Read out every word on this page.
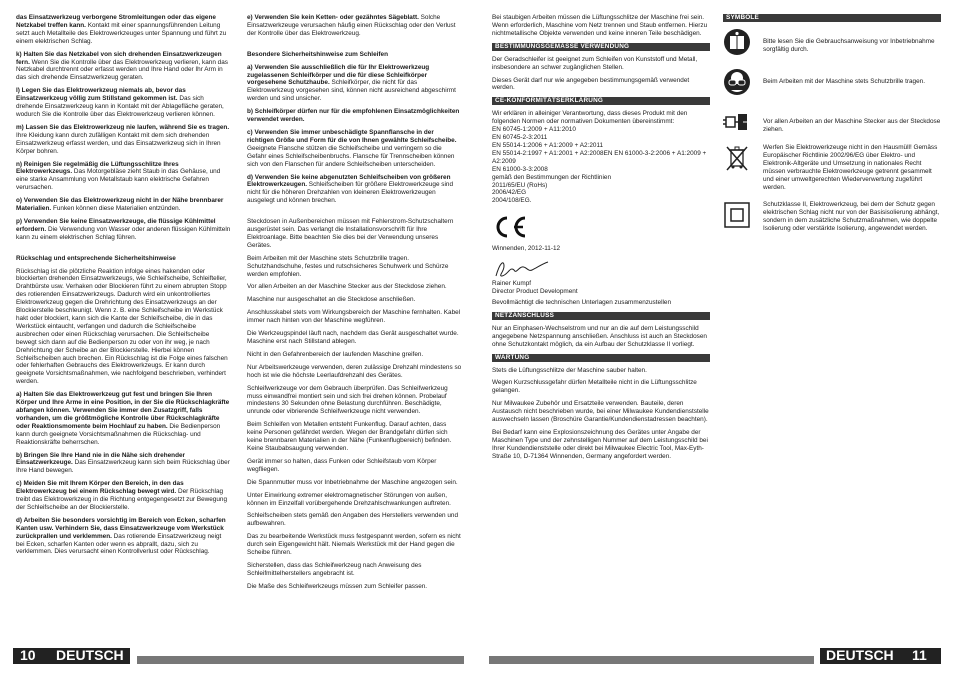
das Einsatzwerkzeug verborgene Stromleitungen oder das eigene Netzkabel treffen kann. Kontakt mit einer spannungsführenden Leitung setzt auch Metallteile des Elektrowerkzeuges unter Spannung und führt zu einem elektrischen Schlag.

k) Halten Sie das Netzkabel von sich drehenden Einsatzwerkzeugen fern. Wenn Sie die Kontrolle über das Elektrowerkzeug verlieren, kann das Netzkabel durchtrennt oder erfasst werden und Ihre Hand oder Ihr Arm in das sich drehende Einsatzwerkzeug geraten.

l) Legen Sie das Elektrowerkzeug niemals ab, bevor das Einsatzwerkzeug völlig zum Stillstand gekommen ist. Das sich drehende Einsatzwerkzeug kann in Kontakt mit der Ablagefläche geraten, wodurch Sie die Kontrolle über das Elektrowerkzeug verlieren können.

m) Lassen Sie das Elektrowerkzeug nie laufen, während Sie es tragen. Ihre Kleidung kann durch zufälligen Kontakt mit dem sich drehenden Einsatzwerkzeug erfasst werden, und das Einsatzwerkzeug sich in Ihren Körper bohren.

n) Reinigen Sie regelmäßig die Lüftungsschlitze Ihres Elektrowerkzeugs. Das Motorgebläse zieht Staub in das Gehäuse, und eine starke Ansammlung von Metallstaub kann elektrische Gefahren verursachen.

o) Verwenden Sie das Elektrowerkzeug nicht in der Nähe brennbarer Materialien. Funken können diese Materialien entzünden.

p) Verwenden Sie keine Einsatzwerkzeuge, die flüssige Kühlmittel erfordern. Die Verwendung von Wasser oder anderen flüssigen Kühlmitteln kann zu einem elektrischen Schlag führen.

Rückschlag und entsprechende Sicherheitshinweise

Rückschlag ist die plötzliche Reaktion infolge eines hakenden oder blockierten drehenden Einsatzwerkzeugs, wie Schleifscheibe, Schleifteller, Drahtbürste usw. Verhaken oder Blockieren führt zu einem abrupten Stopp des rotierenden Einsatzwerkzeugs. Dadurch wird ein unkontrolliertes Elektrowerkzeug gegen die Drehrichtung des Einsatzwerkzeugs an der Blockierstelle beschleunigt. Wenn z. B. eine Schleifscheibe im Werkstück hakt oder blockiert, kann sich die Kante der Schleifscheibe, die in das Werkstück eintaucht, verfangen und dadurch die Schleifscheibe ausbrechen oder einen Rückschlag verursachen. Die Schleifscheibe bewegt sich dann auf die Bedienperson zu oder von ihr weg, je nach Drehrichtung der Scheibe an der Blockierstelle. Hierbei können Schleifscheiben auch brechen. Ein Rückschlag ist die Folge eines falschen oder fehlerhaften Gebrauchs des Elektrowerkzeugs. Er kann durch geeignete Vorsichtsmaßnahmen, wie nachfolgend beschrieben, verhindert werden.

a) Halten Sie das Elektrowerkzeug gut fest und bringen Sie Ihren Körper und Ihre Arme in eine Position, in der Sie die Rückschlagkräfte abfangen können. Verwenden Sie immer den Zusatzgriff, falls vorhanden, um die größtmögliche Kontrolle über Rückschlagkräfte oder Reaktionsmomente beim Hochlauf zu haben. Die Bedienperson kann durch geeignete Vorsichtsmaßnahmen die Rückschlag- und Reaktionskräfte beherrschen.

b) Bringen Sie Ihre Hand nie in die Nähe sich drehender Einsatzwerkzeuge. Das Einsatzwerkzeug kann sich beim Rückschlag über Ihre Hand bewegen.

c) Meiden Sie mit Ihrem Körper den Bereich, in den das Elektrowerkzeug bei einem Rückschlag bewegt wird. Der Rückschlag treibt das Elektrowerkzeug in die Richtung entgegengesetzt zur Bewegung der Schleifscheibe an der Blockierstelle.

d) Arbeiten Sie besonders vorsichtig im Bereich von Ecken, scharfen Kanten usw. Verhindern Sie, dass Einsatzwerkzeuge vom Werkstück zurückprallen und verklemmen. Das rotierende Einsatzwerkzeug neigt bei Ecken, scharfen Kanten oder wenn es abprallt, dazu, sich zu verklemmen. Dies verursacht einen Kontrollverlust oder Rückschlag.

e) Verwenden Sie kein Ketten- oder gezähntes Sägeblatt. Solche Einsatzwerkzeuge verursachen häufig einen Rückschlag oder den Verlust der Kontrolle über das Elektrowerkzeug.

Besondere Sicherheitshinweise zum Schleifen

a) Verwenden Sie ausschließlich die für Ihr Elektrowerkzeug zugelassenen Schleifkörper und die für diese Schleifkörper vorgesehene Schutzhaube. Schleifkörper, die nicht für das Elektrowerkzeug vorgesehen sind, können nicht ausreichend abgeschirmt werden und sind unsicher.

b) Schleifkörper dürfen nur für die empfohlenen Einsatzmöglichkeiten verwendet werden.

c) Verwenden Sie immer unbeschädigte Spannflansche in der richtigen Größe und Form für die von Ihnen gewählte Schleifscheibe. Geeignete Flansche stützen die Schleifscheibe und verringern so die Gefahr eines Schleifscheibenbruchs. Flansche für Trennscheiben können sich von den Flanschen für andere Schleifscheiben unterscheiden.

d) Verwenden Sie keine abgenutzten Schleifscheiben von größeren Elektrowerkzeugen. Schleifscheiben für größere Elektrowerkzeuge sind nicht für die höheren Drehzahlen von kleineren Elektrowerkzeugen ausgelegt und können brechen.

Steckdosen in Außenbereichen müssen mit Fehlerstrom-Schutzschaltern ausgerüstet sein. Das verlangt die Installationsvorschrift für Ihre Elektroanlage. Bitte beachten Sie dies bei der Verwendung unseres Gerätes.

Beim Arbeiten mit der Maschine stets Schutzbrille tragen. Schutzhandschuhe, festes und rutschsicheres Schuhwerk und Schürze werden empfohlen.

Vor allen Arbeiten an der Maschine Stecker aus der Steckdose ziehen.

Maschine nur ausgeschaltet an die Steckdose anschließen.

Anschlusskabel stets vom Wirkungsbereich der Maschine fernhalten. Kabel immer nach hinten von der Maschine wegführen.

Die Werkzeugspindel läuft nach, nachdem das Gerät ausgeschaltet wurde. Maschine erst nach Stillstand ablegen.

Nicht in den Gefahrenbereich der laufenden Maschine greifen.

Nur Arbeitswerkzeuge verwenden, deren zulässige Drehzahl mindestens so hoch ist wie die höchste Leerlaufdrehzahl des Gerätes.

Schleifwerkzeuge vor dem Gebrauch überprüfen. Das Schleifwerkzeug muss einwandfrei montiert sein und sich frei drehen können. Probelauf mindestens 30 Sekunden ohne Belastung durchführen. Beschädigte, unrunde oder vibrierende Schleifwerkzeuge nicht verwenden.

Beim Schleifen von Metallen entsteht Funkenflug. Darauf achten, dass keine Personen gefährdet werden. Wegen der Brandgefahr dürfen sich keine brennbaren Materialien in der Nähe (Funkenflugbereich) befinden. Keine Staubabsaugung verwenden.

Gerät immer so halten, dass Funken oder Schleifstaub vom Körper wegfliegen.

Die Spannmutter muss vor Inbetriebnahme der Maschine angezogen sein.

Unter Einwirkung extremer elektromagnetischer Störungen von außen, können im Einzelfall vorübergehende Drehzahlschwankungen auftreten.

Schleifscheiben stets gemäß den Angaben des Herstellers verwenden und aufbewahren.

Das zu bearbeitende Werkstück muss festgespannt werden, sofern es nicht durch sein Eigengewicht hält. Niemals Werkstück mit der Hand gegen die Scheibe führen.

Sicherstellen, dass das Schleifwerkzeug nach Anweisung des Schleifmittelherstellers angebracht ist.

Die Maße des Schleifwerkzeugs müssen zum Schleifer passen.

Bei staubigen Arbeiten müssen die Lüftungsschlitze der Maschine frei sein. Wenn erforderlich, Maschine vom Netz trennen und Staub entfernen. Hierzu nichtmetallische Objekte verwenden und keine inneren Teile beschädigen.

BESTIMMUNGSGEMÄSSE VERWENDUNG

Der Geradschleifer ist geeignet zum Schleifen von Kunststoff und Metall, insbesondere an schwer zugänglichen Stellen.

Dieses Gerät darf nur wie angegeben bestimmungsgemäß verwendet werden.

CE-KONFORMITÄTSERKLÄRUNG
Wir erklären in alleiniger Verantwortung, dass dieses Produkt mit den folgenden Normen oder normativen Dokumenten übereinstimmt:
EN 60745-1:2009 + A11:2010
EN 60745-2-3:2011
EN 55014-1:2006 + A1:2009 + A2:2011
EN 55014-2:1997 + A1:2001 + A2:2008EN EN 61000-3-2:2006 + A1:2009 + A2:2009
EN 61000-3-3:2008
gemäß den Bestimmungen der Richtlinien
2011/65/EU (RoHs)
2006/42/EG
2004/108/EG.

Winnenden, 2012-11-12

Rainer Kumpf
Director Product Development

Bevollmächtigt die technischen Unterlagen zusammenzustellen

NETZANSCHLUSS

Nur an Einphasen-Wechselstrom und nur an die auf dem Leistungsschild angegebene Netzspannung anschließen. Anschluss ist auch an Steckdosen ohne Schutzkontakt möglich, da ein Aufbau der Schutzklasse II vorliegt.

WARTUNG

Stets die Lüftungsschlitze der Maschine sauber halten.

Wegen Kurzschlussgefahr dürfen Metallteile nicht in die Lüftungsschlitze gelangen.

Nur Milwaukee Zubehör und Ersatzteile verwenden. Bauteile, deren Austausch nicht beschrieben wurde, bei einer Milwaukee Kundendienststelle auswechseln lassen (Broschüre Garantie/Kundendienstadressen beachten).

Bei Bedarf kann eine Explosionszeichnung des Gerätes unter Angabe der Maschinen Type und der zehnstelligen Nummer auf dem Leistungsschild bei Ihrer Kundendienststelle oder direkt bei Milwaukee Electric Tool, Max-Eyth-Straße 10, D-71364 Winnenden, Germany angefordert werden.

SYMBOLE
Bitte lesen Sie die Gebrauchsanweisung vor Inbetriebnahme sorgfältig durch.
Beim Arbeiten mit der Maschine stets Schutzbrille tragen.
Vor allen Arbeiten an der Maschine Stecker aus der Steckdose ziehen.
Werfen Sie Elektrowerkzeuge nicht in den Hausmüll! Gemäss Europäischer Richtlinie 2002/96/EG über Elektro- und Elektronik-Altgeräte und Umsetzung in nationales Recht müssen verbrauchte Elektrowerkzeuge getrennt gesammelt und einer umweltgerechten Wiederverwertung zugeführt werden.
Schutzklasse II, Elektrowerkzeug, bei dem der Schutz gegen elektrischen Schlag nicht nur von der Basisisolierung abhängt, sondern in dem zusätzliche Schutzmaßnahmen, wie doppelte Isolierung oder verstärkte Isolierung, angewendet werden.
10 DEUTSCH	DEUTSCH 11
